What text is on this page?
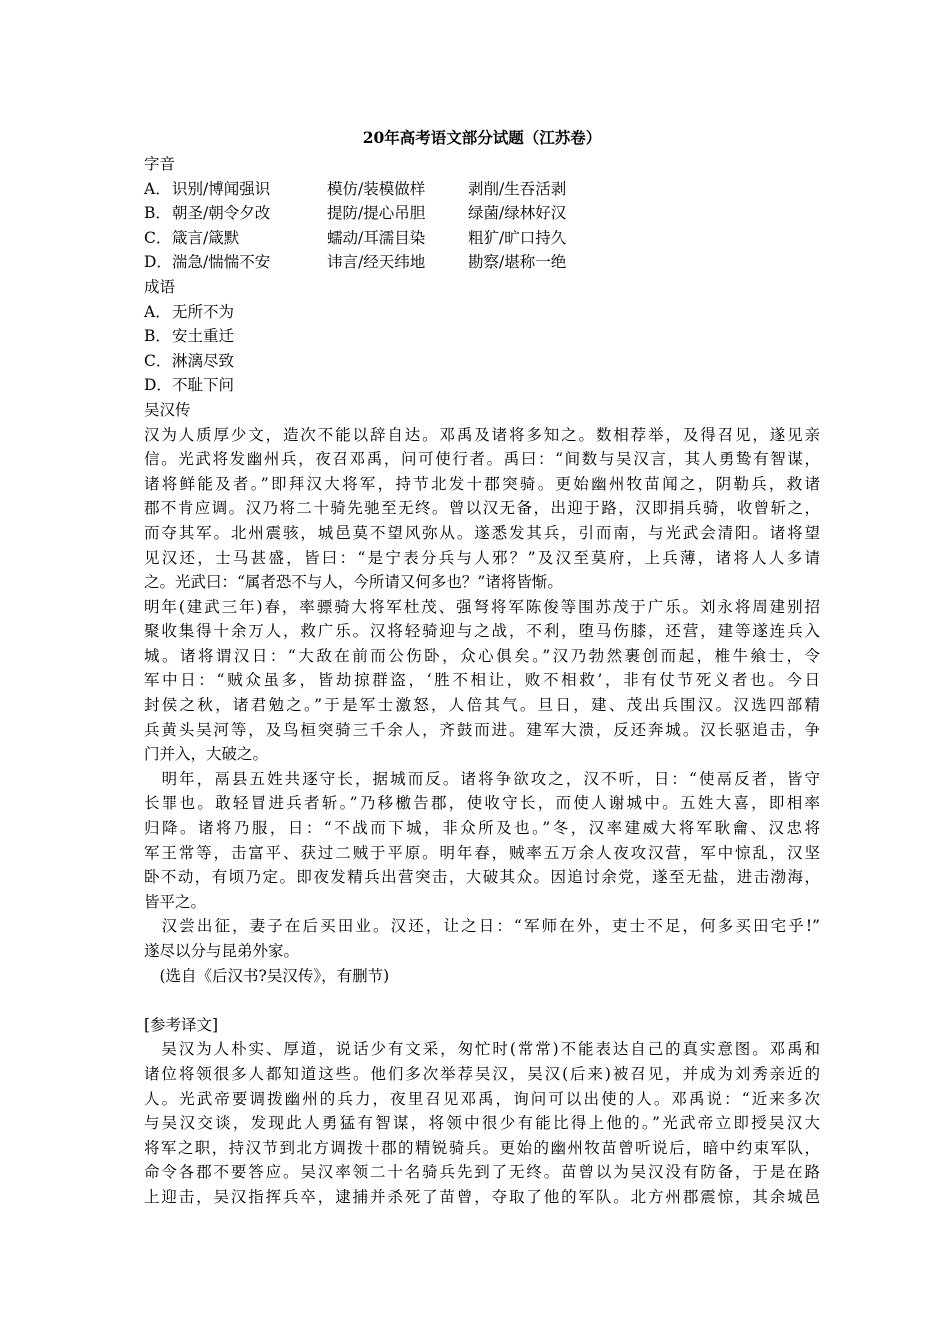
20年高考语文部分试题（江苏卷）

字音

A． 识别/博闻强识	模仿/装模做样	剥削/生吞活剥
B． 朝圣/朝令夕改	提防/提心吊胆	绿菌/绿林好汉
C． 箴言/箴默	蠕动/耳濡目染	粗犷/旷口持久
D． 湍急/惴惴不安	讳言/经天纬地	勘察/堪称一绝

成语

A． 无所不为
B． 安土重迁
C． 淋漓尽致
D． 不耻下问

吴汉传

汉为人质厚少文，造次不能以辞自达。邓禹及诸将多知之。数相荐举，及得召见，遂见亲

信。光武将发幽州兵，夜召邓禹，问可使行者。禹曰：“间数与吴汉言，其人勇鸷有智谋，

诸将鲜能及者。”即拜汉大将军，持节北发十郡突骑。更始幽州牧苗闻之，阴勒兵，救诸

郡不肯应调。汉乃将二十骑先驰至无终。曾以汉无备，出迎于路，汉即捐兵骑，收曾斩之，

而夺其军。北州震骇，城邑莫不望风弥从。遂悉发其兵，引而南，与光武会清阳。诸将望

见汉还，士马甚盛，皆曰：“是宁表分兵与人邪？”及汉至莫府，上兵薄，诸将人人多请

之。光武曰：“属者恐不与人，今所请又何多也？”诸将皆惭。

明年(建武三年)春，率骠骑大将军杜茂、强弩将军陈俊等围苏茂于广乐。刘永将周建别招

聚收集得十余万人，救广乐。汉将轻骑迎与之战，不利，堕马伤膝，还营，建等遂连兵入

城。诸将谓汉日：“大敌在前而公伤卧，众心俱矣。”汉乃勃然裹创而起，椎牛飨士，令

军中日：“贼众虽多，皆劫掠群盗，‘胜不相让，败不相救’，非有仗节死义者也。今日

封侯之秋，诸君勉之。”于是军士激怒，人倍其气。旦日，建、茂出兵围汉。汉选四部精

兵黄头吴河等，及鸟桓突骑三千余人，齐鼓而进。建军大溃，反还奔城。汉长驱追击，争

门并入，大破之。

　明年，鬲县五姓共逐守长，据城而反。诸将争欲攻之，汉不听，日：“使鬲反者，皆守

长罪也。敢轻冒进兵者斩。”乃移檄告郡，使收守长，而使人谢城中。五姓大喜，即相率

归降。诸将乃服，日：“不战而下城，非众所及也。”冬，汉率建威大将军耿龠、汉忠将

军王常等，击富平、获过二贼于平原。明年春，贼率五万余人夜攻汉营，军中惊乱，汉坚

卧不动，有顷乃定。即夜发精兵出营突击，大破其众。因追讨余党，遂至无盐，进击渤海，

皆平之。

　汉尝出征，妻子在后买田业。汉还，让之日：“军师在外，吏士不足，何多买田宅乎!”

遂尽以分与昆弟外家。

　(选自《后汉书?吴汉传》，有删节)

[参考译文]

　吴汉为人朴实、厚道，说话少有文采，匆忙时(常常)不能表达自己的真实意图。邓禹和

诸位将领很多人都知道这些。他们多次举荐吴汉，吴汉(后来)被召见，并成为刘秀亲近的

人。光武帝要调拨幽州的兵力，夜里召见邓禹，询问可以出使的人。邓禹说：“近来多次

与吴汉交谈，发现此人勇猛有智谋，将领中很少有能比得上他的。”光武帝立即授吴汉大

将军之职，持汉节到北方调拨十郡的精锐骑兵。更始的幽州牧苗曾听说后，暗中约束军队，

命令各郡不要答应。吴汉率领二十名骑兵先到了无终。苗曾以为吴汉没有防备，于是在路

上迎击，吴汉指挥兵卒，逮捕并杀死了苗曾，夺取了他的军队。北方州郡震惊，其余城邑
